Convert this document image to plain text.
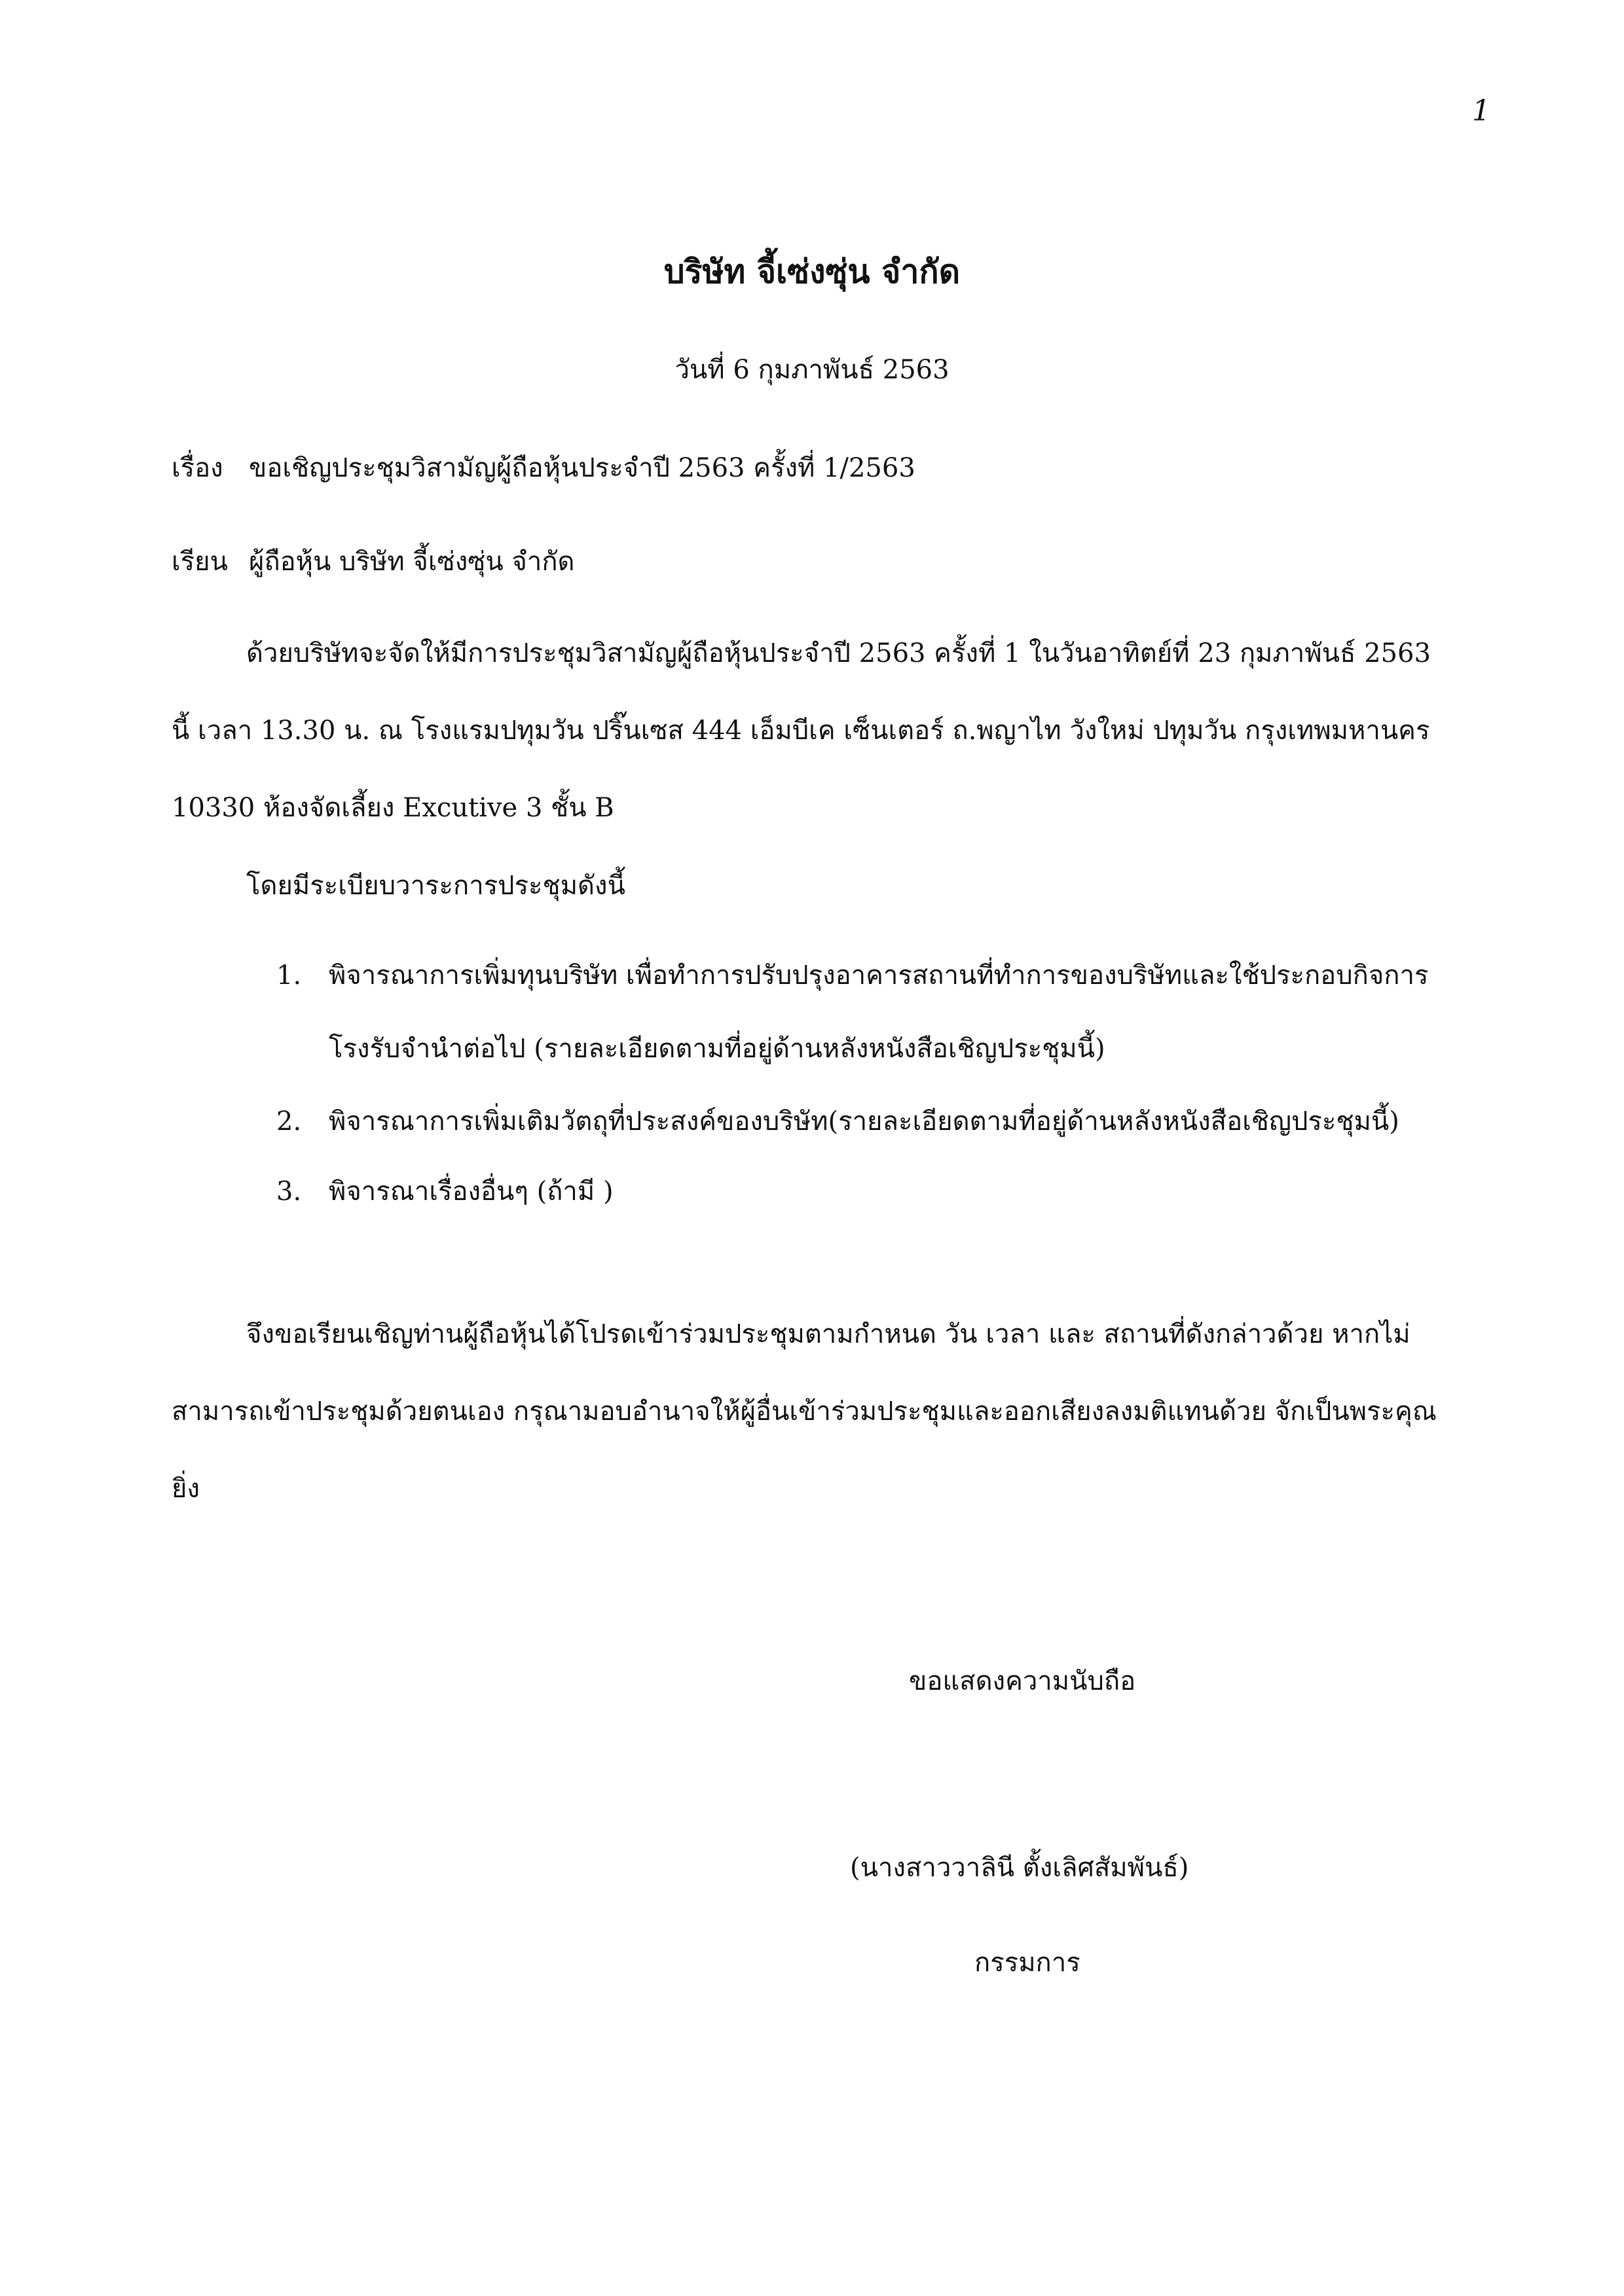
1
บริษัท จี้เซ่งซุ่น จำกัด
วันที่ 6 กุมภาพันธ์ 2563
เรื่อง ขอเชิญประชุมวิสามัญผู้ถือหุ้นประจำปี 2563 ครั้งที่ 1/2563
เรียน ผู้ถือหุ้น บริษัท จี้เซ่งซุ่น จำกัด
ด้วยบริษัทจะจัดให้มีการประชุมวิสามัญผู้ถือหุ้นประจำปี 2563 ครั้งที่ 1 ในวันอาทิตย์ที่ 23 กุมภาพันธ์ 2563
นี้ เวลา 13.30 น. ณ โรงแรมปทุมวัน ปริ๊นเซส 444 เอ็มบีเค เซ็นเตอร์ ถ.พญาไท วังใหม่ ปทุมวัน กรุงเทพมหานคร
10330 ห้องจัดเลี้ยง Excutive 3 ชั้น B
โดยมีระเบียบวาระการประชุมดังนี้
1.	พิจารณาการเพิ่มทุนบริษัท เพื่อทำการปรับปรุงอาคารสถานที่ทำการของบริษัทและใช้ประกอบกิจการ
โรงรับจำนำต่อไป (รายละเอียดตามที่อยู่ด้านหลังหนังสือเชิญประชุมนี้)
2.	พิจารณาการเพิ่มเติมวัตถุที่ประสงค์ของบริษัท(รายละเอียดตามที่อยู่ด้านหลังหนังสือเชิญประชุมนี้)
3.	พิจารณาเรื่องอื่นๆ (ถ้ามี )
จึงขอเรียนเชิญท่านผู้ถือหุ้นได้โปรดเข้าร่วมประชุมตามกำหนด วัน เวลา และ สถานที่ดังกล่าวด้วย หากไม่
สามารถเข้าประชุมด้วยตนเอง กรุณามอบอำนาจให้ผู้อื่นเข้าร่วมประชุมและออกเสียงลงมติแทนด้วย จักเป็นพระคุณ
ยิ่ง
ขอแสดงความนับถือ
(นางสาววาลินี ตั้งเลิศสัมพันธ์)
กรรมการ
